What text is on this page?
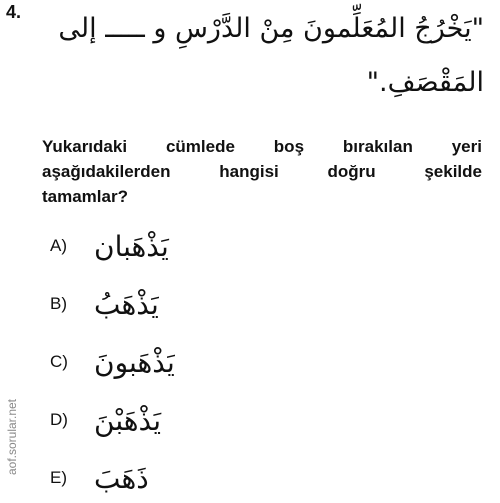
4.
"يَخْرُجُ المُعَلِّمونَ مِنْ الدَّرْسِ و ـــــ إلى
المَقْصَفِ."
Yukarıdaki cümlede boş bırakılan yeri
aşağıdakilerden	hangisi	doğru	şekilde
tamamlar?
A) يَذْهَبان
B) يَذْهَبُ
C) يَذْهَبونَ
D) يَذْهَبْنَ
E) ذَهَبَ
aof.sorular.net
